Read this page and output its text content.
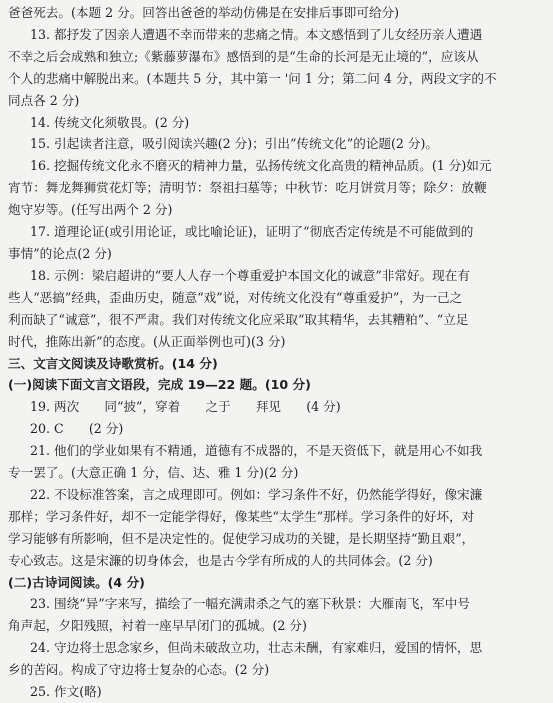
爸爸死去。(本题 2 分。回答出爸爸的举动仿佛是在安排后事即可给分)
13. 都抒发了因亲人遭遇不幸而带来的悲痛之情。本文感悟到了儿女经历亲人遭遇
不幸之后会成熟和独立;《紫藤萝瀑布》感悟到的是“生命的长河是无止境的”，应该从
个人的悲痛中解脱出来。(本题共 5 分，其中第一 '问 1 分；第二问 4 分，两段文字的不
同点各 2 分)
14. 传统文化须敬畏。(2 分)
15. 引起读者注意，吸引阅读兴趣(2 分)；引出“传统文化”的论题(2 分)。
16. 挖掘传统文化永不磨灭的精神力量，弘扬传统文化高贵的精神品质。(1 分)如元
宵节：舞龙舞狮赏花灯等；清明节：祭祖扫墓等；中秋节：吃月饼赏月等；除夕：放鞭
炮守岁等。(任写出两个 2 分)
17. 道理论证(或引用论证，或比喻论证)，证明了“彻底否定传统是不可能做到的
事情”的论点(2 分)
18. 示例：梁启超讲的“要人人存一个尊重爱护本国文化的诚意”非常好。现在有
些人“恶搞”经典，歪曲历史，随意“戏”说，对传统文化没有“尊重爱护”，为一己之
利而缺了“诚意”，很不严肃。我们对传统文化应采取“取其精华，去其糟粕”、“立足
时代，推陈出新”的态度。(从正面举例也可)(3 分)
三、文言文阅读及诗歌赏析。(14 分)
(一)阅读下面文言文语段，完成 19—22 题。(10 分)
19. 两次　　同“披”，穿着　　之于　　拜见　　(4 分)
20. C　　(2 分)
21. 他们的学业如果有不精通，道德有不成器的，不是天资低下，就是用心不如我
专一罢了。(大意正确 1 分，信、达、雅 1 分)(2 分)
22. 不设标准答案，言之成理即可。例如：学习条件不好，仍然能学得好，像宋濂
那样；学习条件好，却不一定能学得好，像某些“太学生”那样。学习条件的好坏，对
学习能够有所影响，但不是决定性的。促使学习成功的关键，是长期坚持“勤且艰”，
专心致志。这是宋濂的切身体会，也是古今学有所成的人的共同体会。(2 分)
(二)古诗词阅读。(4 分)
23. 围绕“异”字来写，描绘了一幅充满肃杀之气的塞下秋景：大雁南飞，军中号
角声起，夕阳残照，衬着一座早早闭门的孤城。(2 分)
24. 守边将士思念家乡，但尚未破敌立功，壮志未酬，有家难归，爱国的情怀，思
乡的苦闷。构成了守边将士复杂的心态。(2 分)
25. 作文(略)
